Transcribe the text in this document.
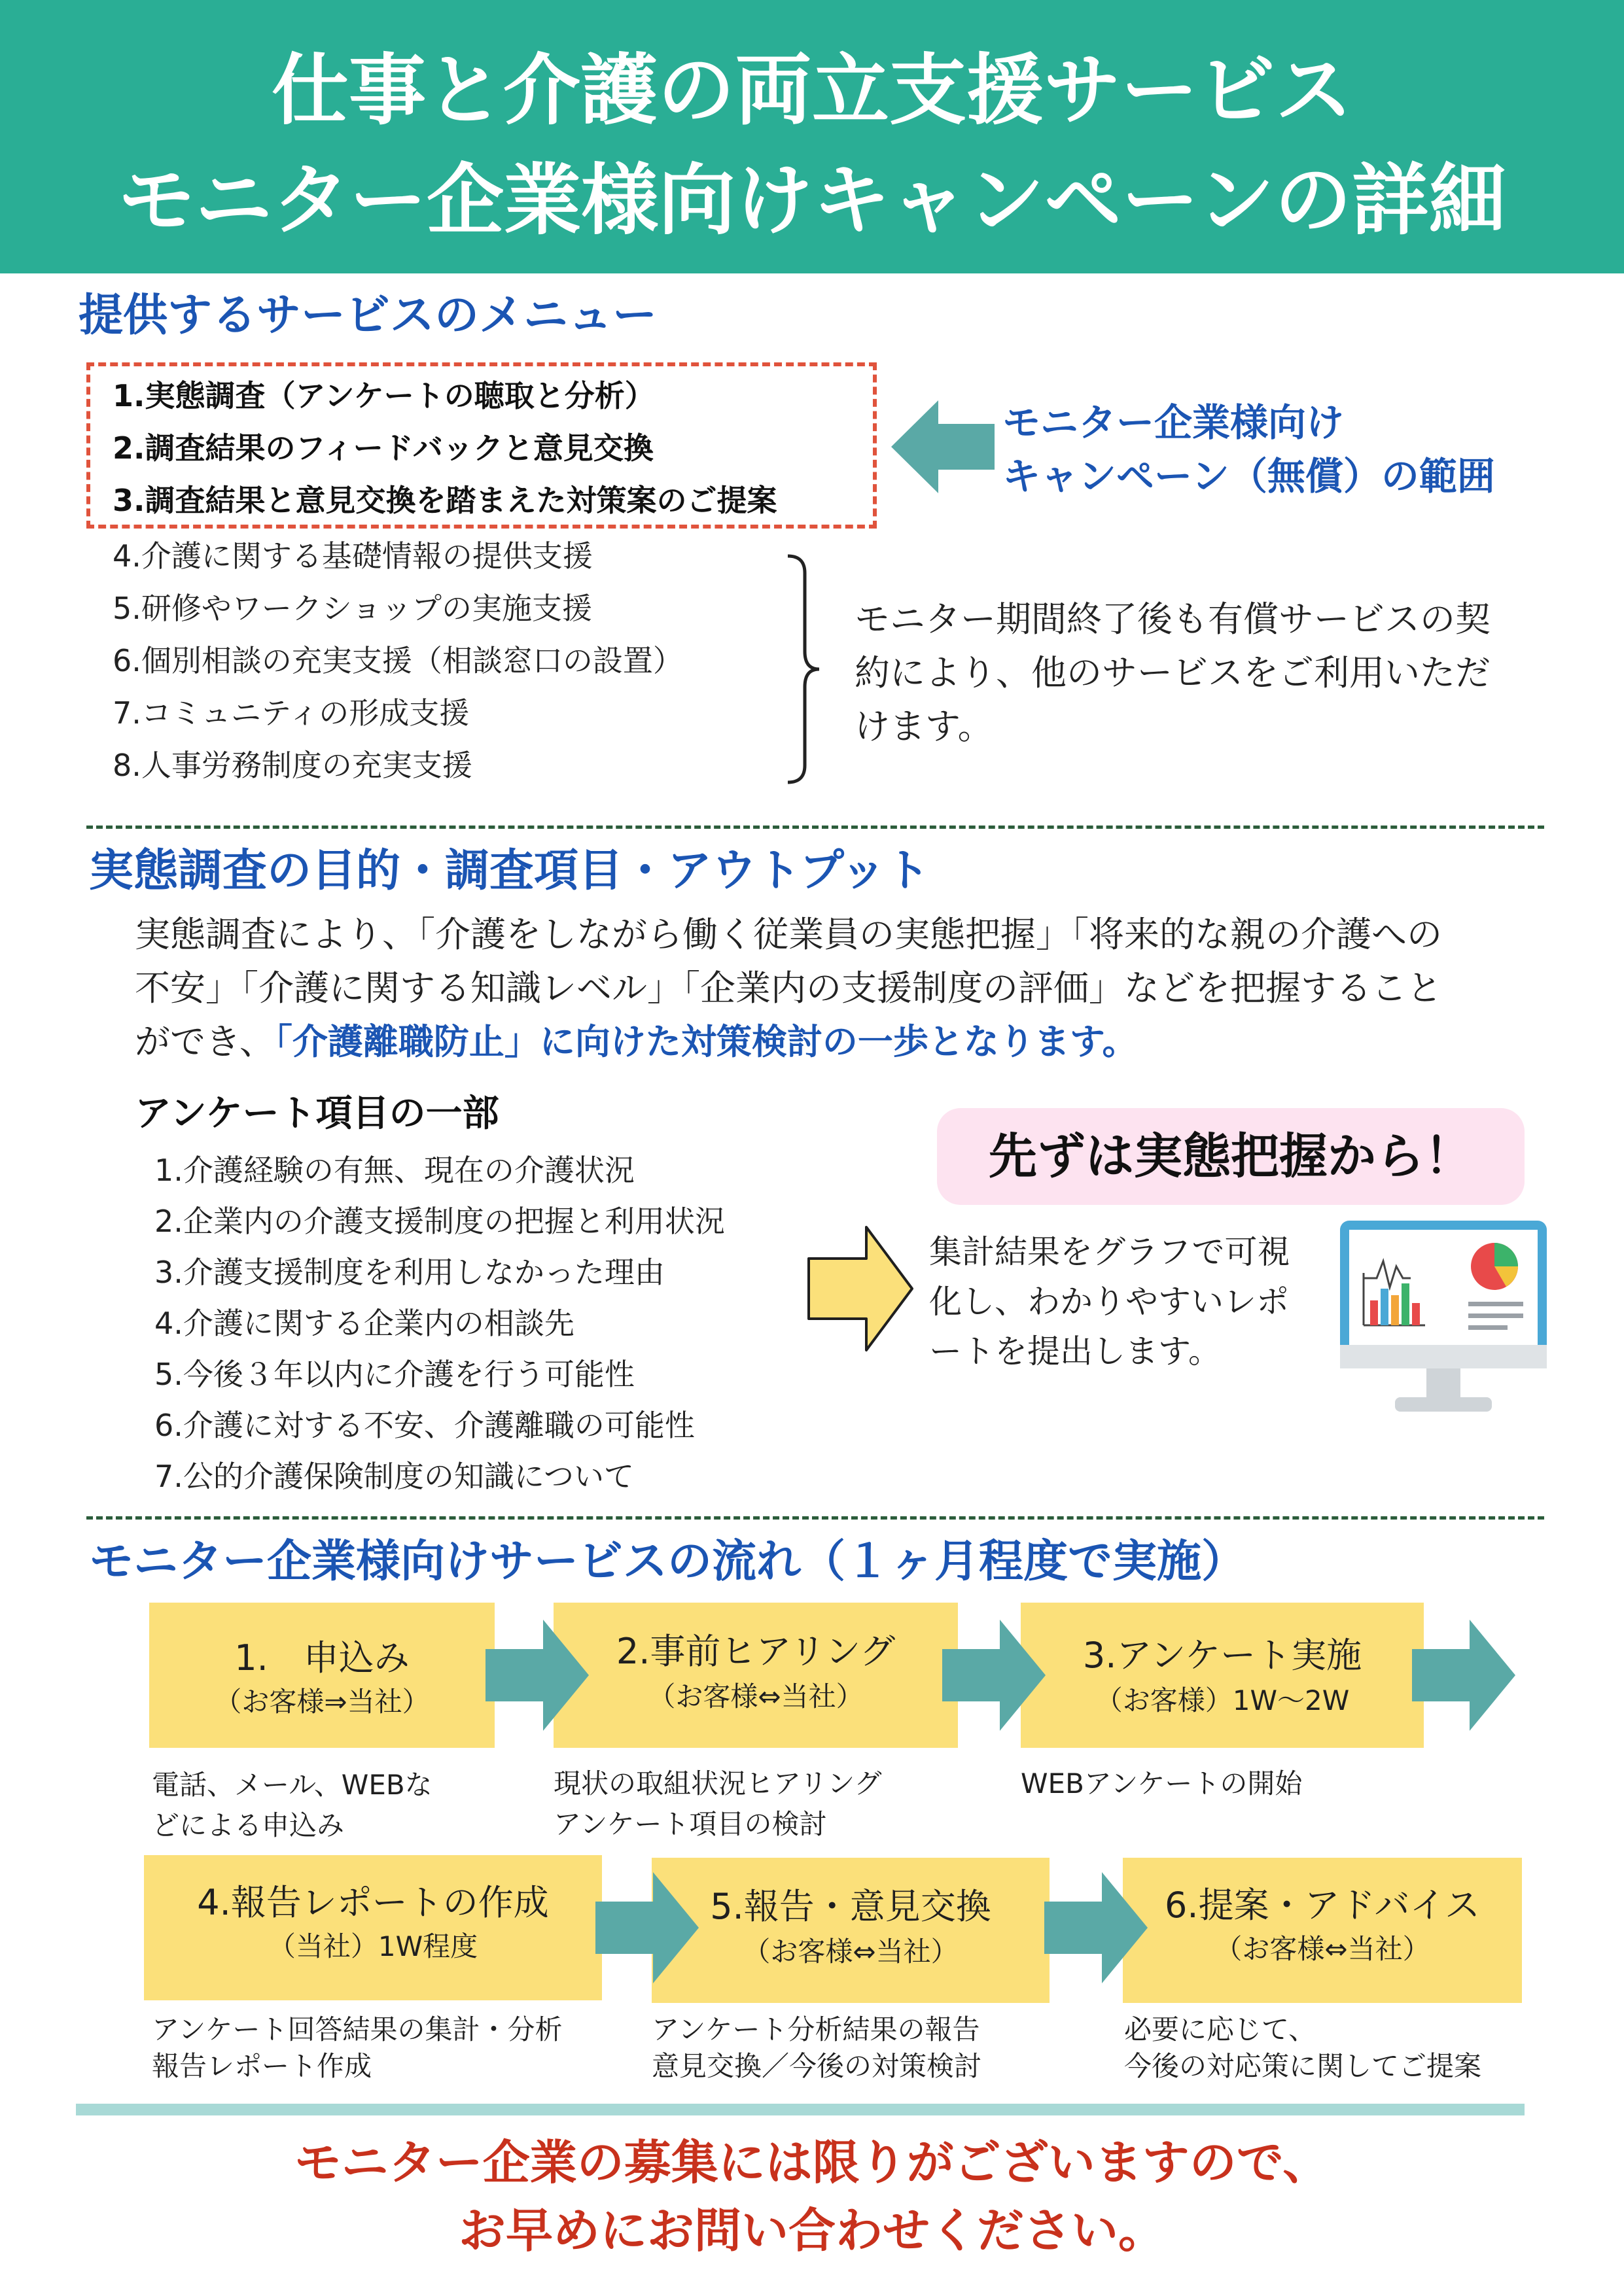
仕事と介護の両立支援サービス
モニター企業様向けキャンペーンの詳細
提供するサービスのメニュー
1.実態調査（アンケートの聴取と分析）
2.調査結果のフィードバックと意見交換
3.調査結果と意見交換を踏まえた対策案のご提案
4.介護に関する基礎情報の提供支援
5.研修やワークショップの実施支援
6.個別相談の充実支援（相談窓口の設置）
7.コミュニティの形成支援
8.人事労務制度の充実支援
モニター企業様向け
キャンペーン（無償）の範囲
モニター期間終了後も有償サービスの契
約により、他のサービスをご利用いただ
けます。
実態調査の目的・調査項目・アウトプット
実態調査により、「介護をしながら働く従業員の実態把握」「将来的な親の介護への
不安」「介護に関する知識レベル」「企業内の支援制度の評価」などを把握すること
ができ、「介護離職防止」に向けた対策検討の一歩となります。
アンケート項目の一部
1.介護経験の有無、現在の介護状況
2.企業内の介護支援制度の把握と利用状況
3.介護支援制度を利用しなかった理由
4.介護に関する企業内の相談先
5.今後３年以内に介護を行う可能性
6.介護に対する不安、介護離職の可能性
7.公的介護保険制度の知識について
先ずは実態把握から！
集計結果をグラフで可視
化し、わかりやすいレポ
ートを提出します。
モニター企業様向けサービスの流れ（１ヶ月程度で実施）
1.　申込み
（お客様⇒当社）
2.事前ヒアリング
（お客様⇔当社）
3.アンケート実施
（お客様）1W〜2W
電話、メール、WEBな
どによる申込み
現状の取組状況ヒアリング
アンケート項目の検討
WEBアンケートの開始
4.報告レポートの作成
（当社）1W程度
5.報告・意見交換
（お客様⇔当社）
6.提案・アドバイス
（お客様⇔当社）
アンケート回答結果の集計・分析
報告レポート作成
アンケート分析結果の報告
意見交換／今後の対策検討
必要に応じて、
今後の対応策に関してご提案
モニター企業の募集には限りがございますので、
お早めにお問い合わせください。
